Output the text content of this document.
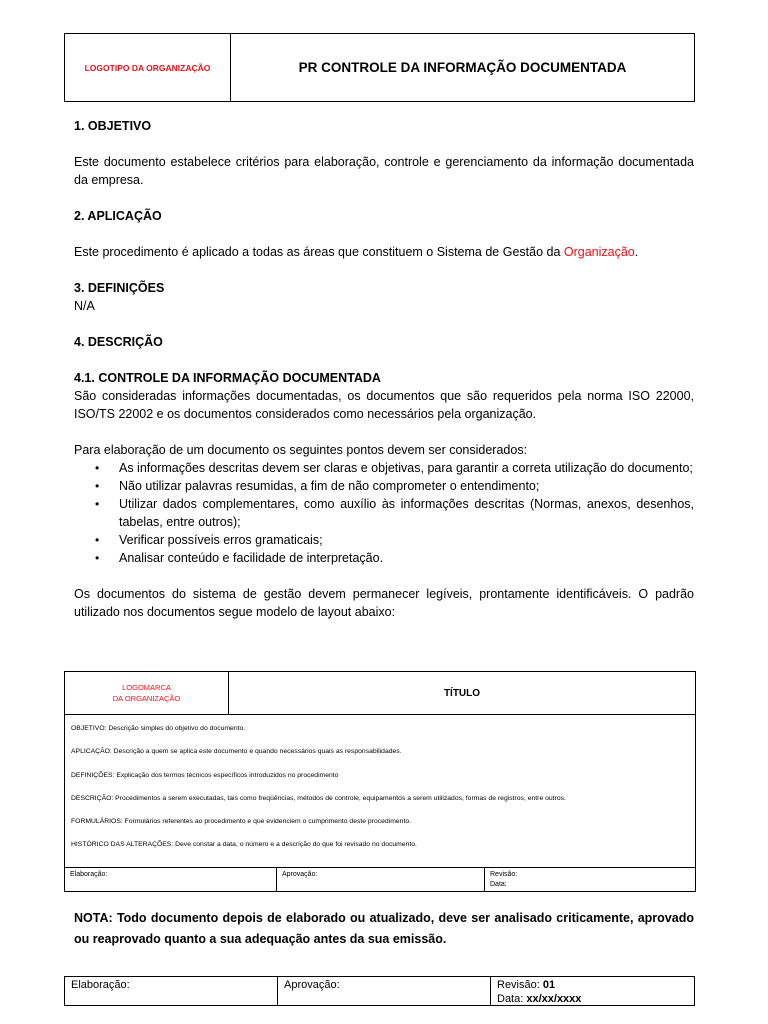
LOGOTIPO DA ORGANIZAÇÃO	PR CONTROLE DA INFORMAÇÃO DOCUMENTADA
1. OBJETIVO
Este documento estabelece critérios para elaboração, controle e gerenciamento da informação documentada da empresa.
2. APLICAÇÃO
Este procedimento é aplicado a todas as áreas que constituem o Sistema de Gestão da Organização.
3. DEFINIÇÕES
N/A
4. DESCRIÇÃO
4.1. CONTROLE DA INFORMAÇÃO DOCUMENTADA
São consideradas informações documentadas, os documentos que são requeridos pela norma ISO 22000, ISO/TS 22002 e os documentos considerados como necessários pela organização.
Para elaboração de um documento os seguintes pontos devem ser considerados:
• As informações descritas devem ser claras e objetivas, para garantir a correta utilização do documento;
• Não utilizar palavras resumidas, a fim de não comprometer o entendimento;
• Utilizar dados complementares, como auxílio às informações descritas (Normas, anexos, desenhos, tabelas, entre outros);
• Verificar possíveis erros gramaticais;
• Analisar conteúdo e facilidade de interpretação.
Os documentos do sistema de gestão devem permanecer legíveis, prontamente identificáveis. O padrão utilizado nos documentos segue modelo de layout abaixo:
LOGOMARCA
DA ORGANIZAÇÃO	TÍTULO
OBJETIVO: Descrição simples do objetivo do documento.
APLICAÇÃO: Descrição a quem se aplica este documento e quando necessários quais as responsabilidades.
DEFINIÇÕES: Explicação dos termos técnicos específicos introduzidos no procedimento
DESCRIÇÃO: Procedimentos a serem executadas, tais como freqüências, métodos de controle, equipamentos a serem utilizados, formas de registros, entre outros.
FORMULÁRIOS: Formulários referentes ao procedimento e que evidenciem o cumprimento deste procedimento.
HISTÓRICO DAS ALTERAÇÕES: Deve constar a data, o número e a descrição do que foi revisado no documento.
Elaboração:	Aprovação:	Revisão:
Data:
NOTA: Todo documento depois de elaborado ou atualizado, deve ser analisado criticamente, aprovado ou reaprovado quanto a sua adequação antes da sua emissão.
Elaboração:	Aprovação:	Revisão: 01
Data: xx/xx/xxxx
